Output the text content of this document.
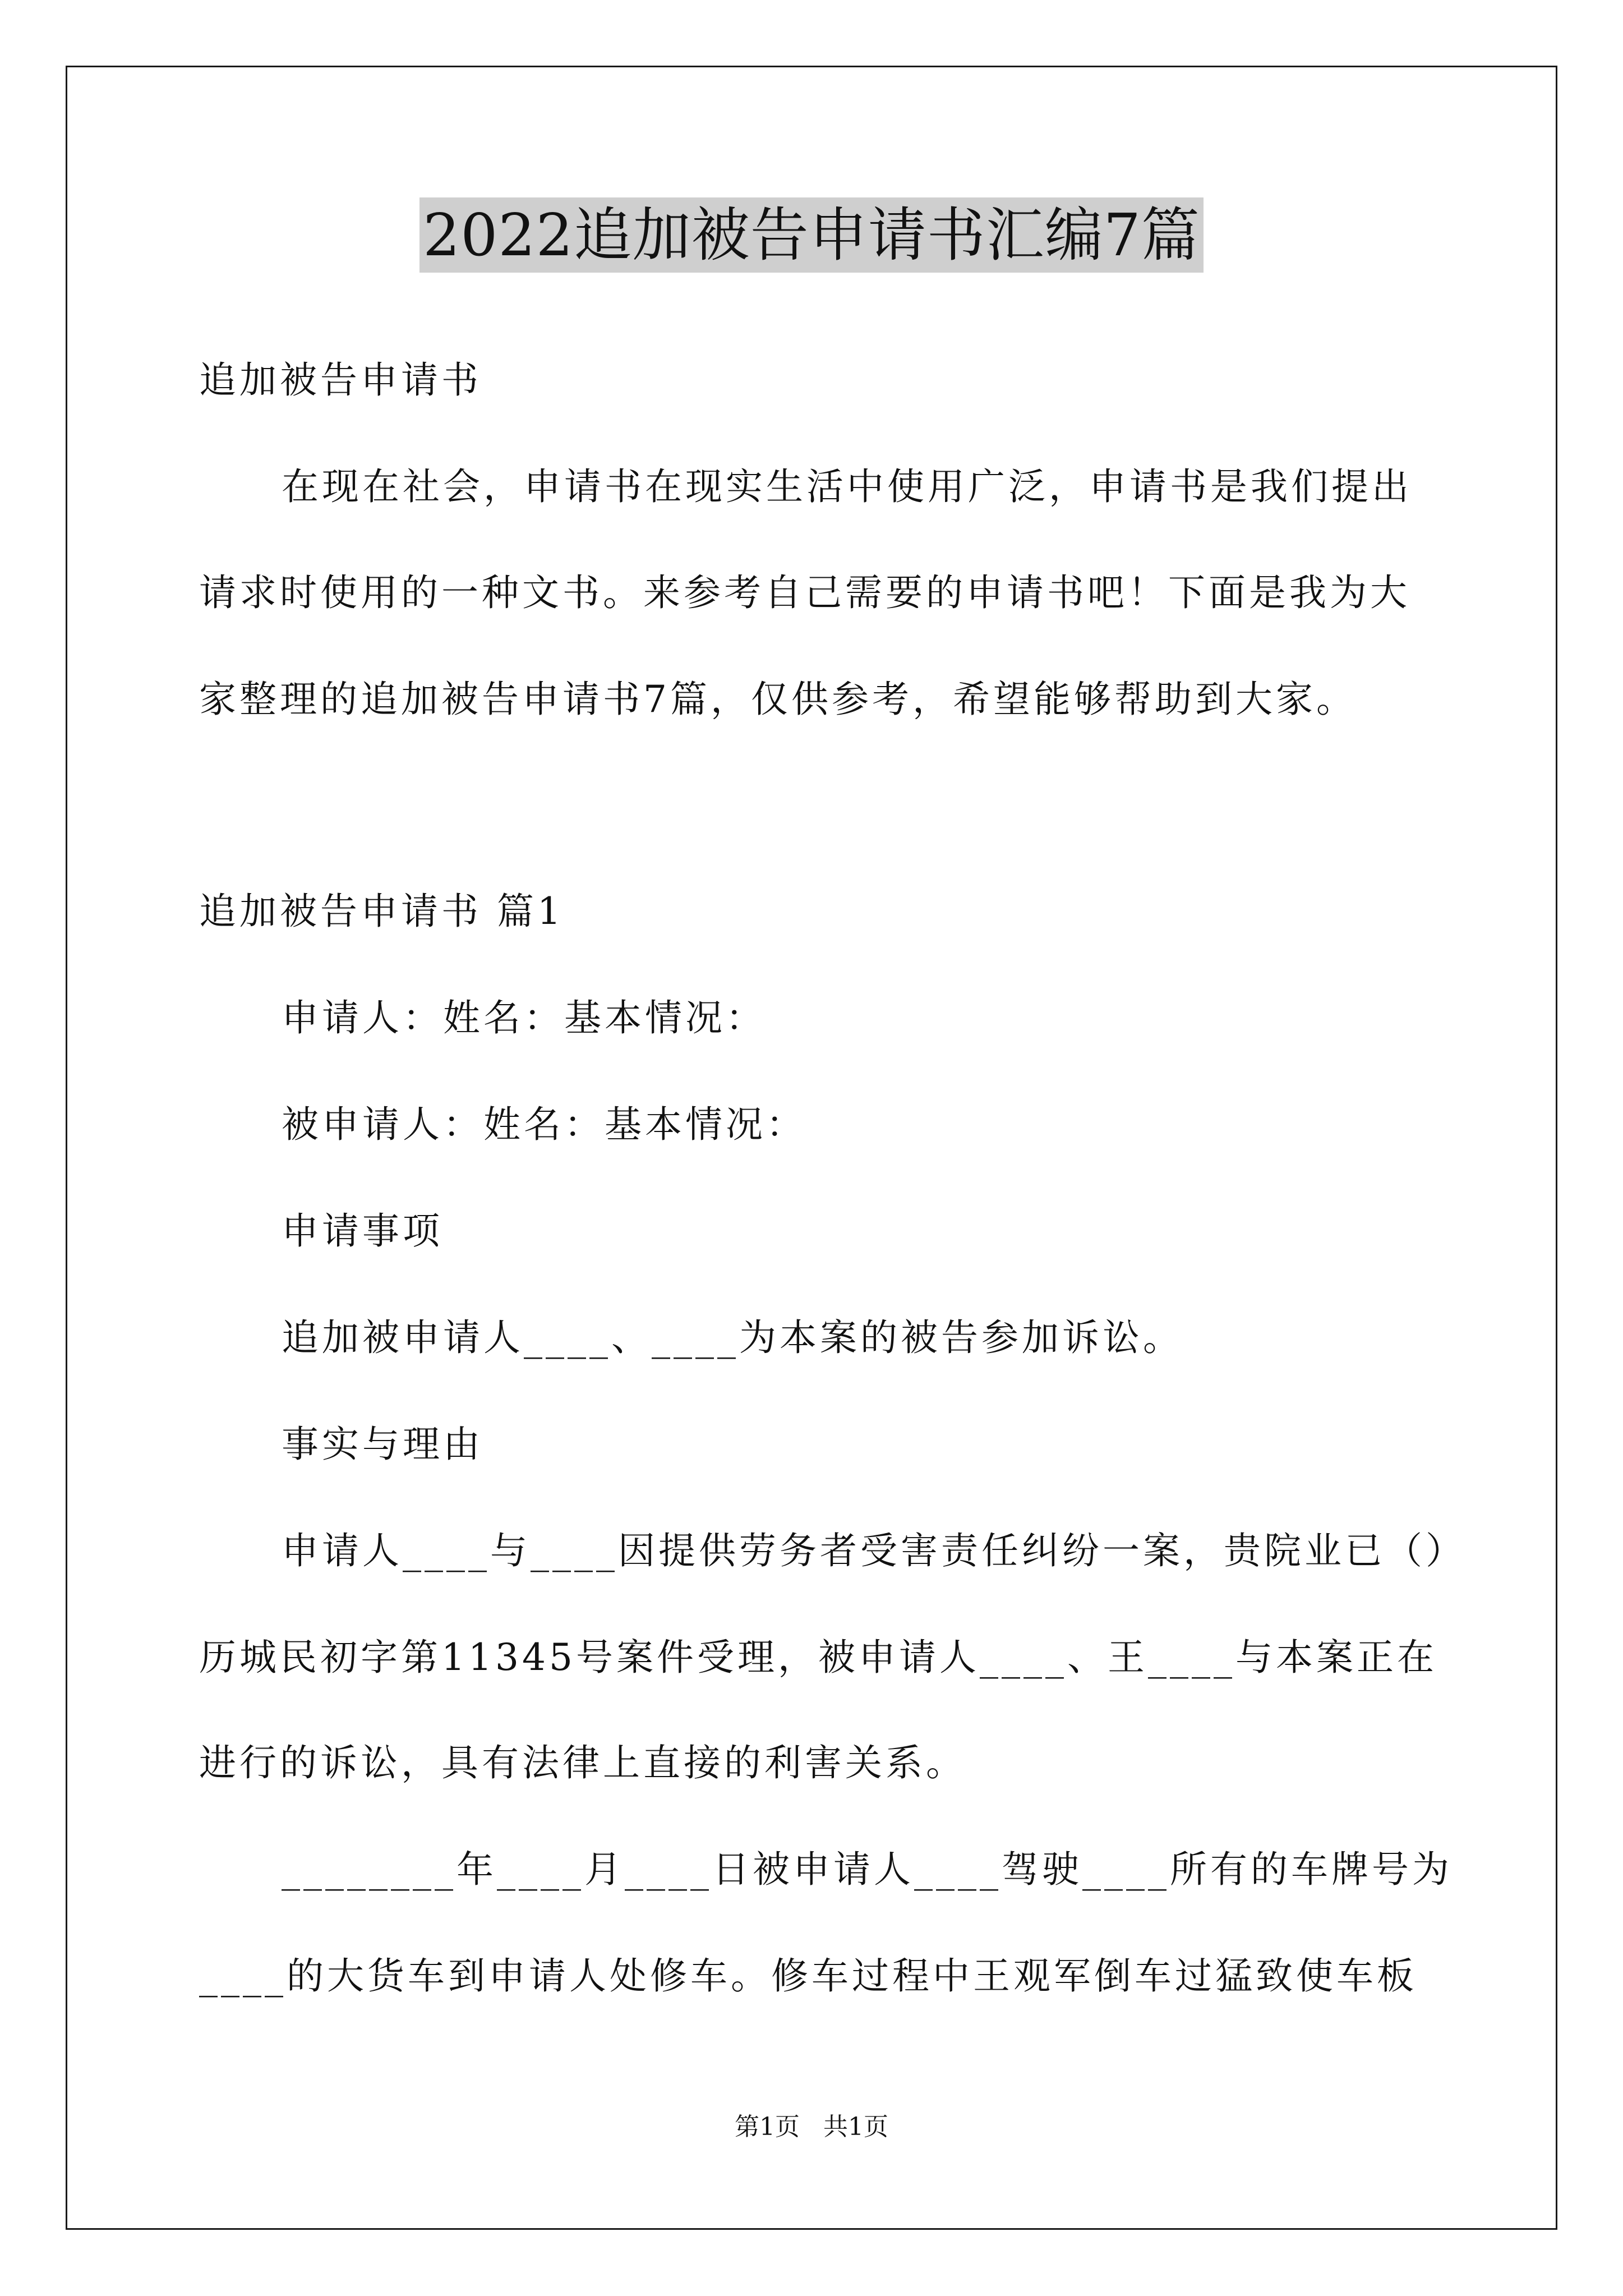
2022追加被告申请书汇编7篇
追加被告申请书
在现在社会，申请书在现实生活中使用广泛，申请书是我们提出
请求时使用的一种文书。来参考自己需要的申请书吧！下面是我为大
家整理的追加被告申请书7篇，仅供参考，希望能够帮助到大家。
追加被告申请书 篇1
申请人：姓名：基本情况：
被申请人：姓名：基本情况：
申请事项
追加被申请人____、____为本案的被告参加诉讼。
事实与理由
申请人____与____因提供劳务者受害责任纠纷一案，贵院业已（）
历城民初字第11345号案件受理，被申请人____、王____与本案正在
进行的诉讼，具有法律上直接的利害关系。
________年____月____日被申请人____驾驶____所有的车牌号为
____的大货车到申请人处修车。修车过程中王观军倒车过猛致使车板
第1页 共1页
